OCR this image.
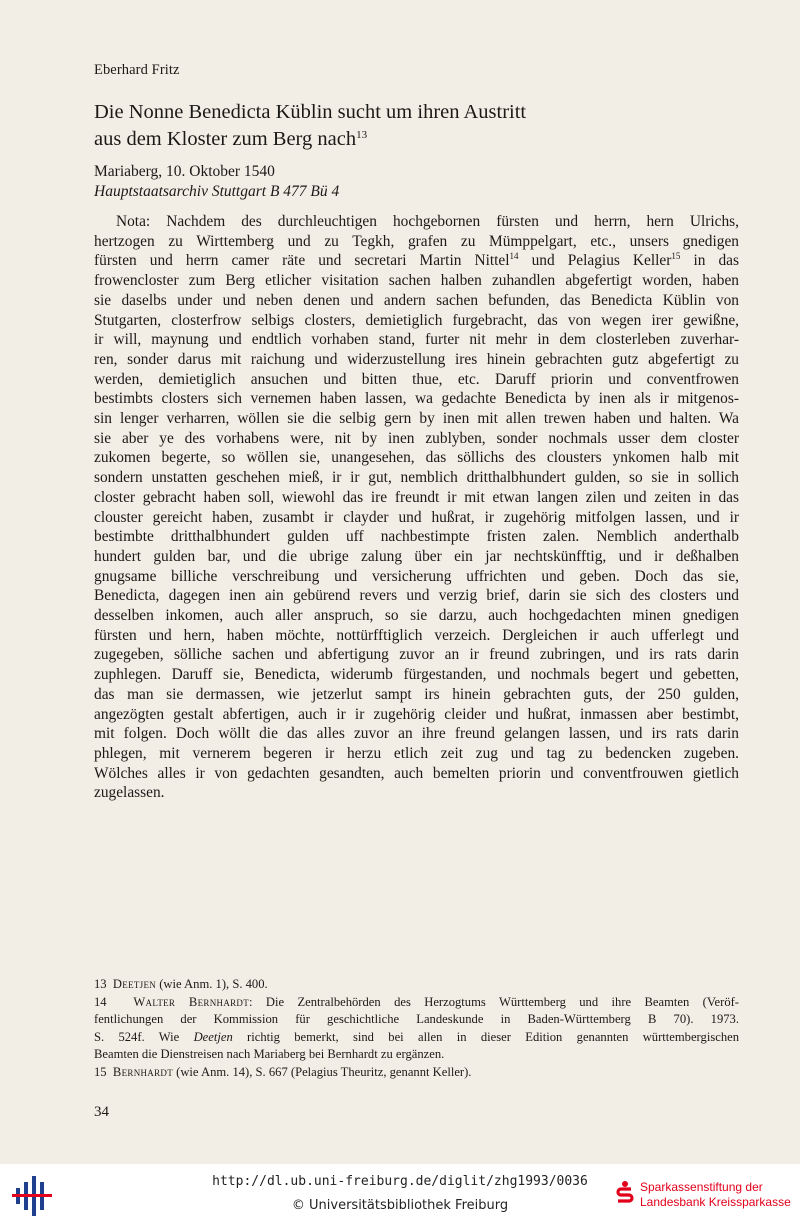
Eberhard Fritz
Die Nonne Benedicta Küblin sucht um ihren Austritt
aus dem Kloster zum Berg nach$^{13}$
Mariaberg, 10. Oktober 1540
Hauptstaatsarchiv Stuttgart B 477 Bü 4
Nota: Nachdem des durchleuchtigen hochgebornen fürsten und herrn, hern Ulrichs,
hertzogen zu Wirttemberg und zu Tegkh, grafen zu Mümppelgart, etc., unsers gnedigen
fürsten und herrn camer räte und secretari Martin Nittel$^{14}$ und Pelagius Keller$^{15}$ in das
frowencloster zum Berg etlicher visitation sachen halben zuhandlen abgefertigt worden, haben
sie daselbs under und neben denen und andern sachen befunden, das Benedicta Küblin von
Stutgarten, closterfrow selbigs closters, demietiglich furgebracht, das von wegen irer gewißne,
ir will, maynung und endtlich vorhaben stand, furter nit mehr in dem closterleben zuverhar-
ren, sonder darus mit raichung und widerzustellung ires hinein gebrachten gutz abgefertigt zu
werden, demietiglich ansuchen und bitten thue, etc. Daruff priorin und conventfrowen
bestimbts closters sich vernemen haben lassen, wa gedachte Benedicta by inen als ir mitgenos-
sin lenger verharren, wöllen sie die selbig gern by inen mit allen trewen haben und halten. Wa
sie aber ye des vorhabens were, nit by inen zublyben, sonder nochmals usser dem closter
zukomen begerte, so wöllen sie, unangesehen, das söllichs des clousters ynkomen halb mit
sondern unstatten geschehen mieß, ir ir gut, nemblich dritthalbhundert gulden, so sie in sollich
closter gebracht haben soll, wiewohl das ire freundt ir mit etwan langen zilen und zeiten in das
clouster gereicht haben, zusambt ir clayder und hußrat, ir zugehörig mitfolgen lassen, und ir
bestimbte dritthalbhundert gulden uff nachbestimpte fristen zalen. Nemblich anderthalb
hundert gulden bar, und die ubrige zalung über ein jar nechtskünfftig, und ir deßhalben
gnugsame billiche verschreibung und versicherung uffrichten und geben. Doch das sie,
Benedicta, dagegen inen ain gebürend revers und verzig brief, darin sie sich des closters und
desselben inkomen, auch aller anspruch, so sie darzu, auch hochgedachten minen gnedigen
fürsten und hern, haben möchte, nottürfftiglich verzeich. Dergleichen ir auch ufferlegt und
zugegeben, sölliche sachen und abfertigung zuvor an ir freund zubringen, und irs rats darin
zuphlegen. Daruff sie, Benedicta, widerumb fürgestanden, und nochmals begert und gebetten,
das man sie dermassen, wie jetzerlut sampt irs hinein gebrachten guts, der 250 gulden,
angezögten gestalt abfertigen, auch ir ir zugehörig cleider und hußrat, inmassen aber bestimbt,
mit folgen. Doch wöllt die das alles zuvor an ihre freund gelangen lassen, und irs rats darin
phlegen, mit vernerem begeren ir herzu etlich zeit zug und tag zu bedencken zugeben.
Wölches alles ir von gedachten gesandten, auch bemelten priorin und conventfrouwen gietlich
zugelassen.
13 Deetjen (wie Anm. 1), S. 400.
14 Walter Bernhardt: Die Zentralbehörden des Herzogtums Württemberg und ihre Beamten (Veröf-
fentlichungen der Kommission für geschichtliche Landeskunde in Baden-Württemberg B 70). 1973.
S. 524f. Wie Deetjen richtig bemerkt, sind bei allen in dieser Edition genannten württembergischen
Beamten die Dienstreisen nach Mariaberg bei Bernhardt zu ergänzen.
15 Bernhardt (wie Anm. 14), S. 667 (Pelagius Theuritz, genannt Keller).
34
http://dl.ub.uni-freiburg.de/diglit/zhg1993/0036
© Universitätsbibliothek Freiburg
Sparkassenstiftung der
Landesbank Kreissparkasse
